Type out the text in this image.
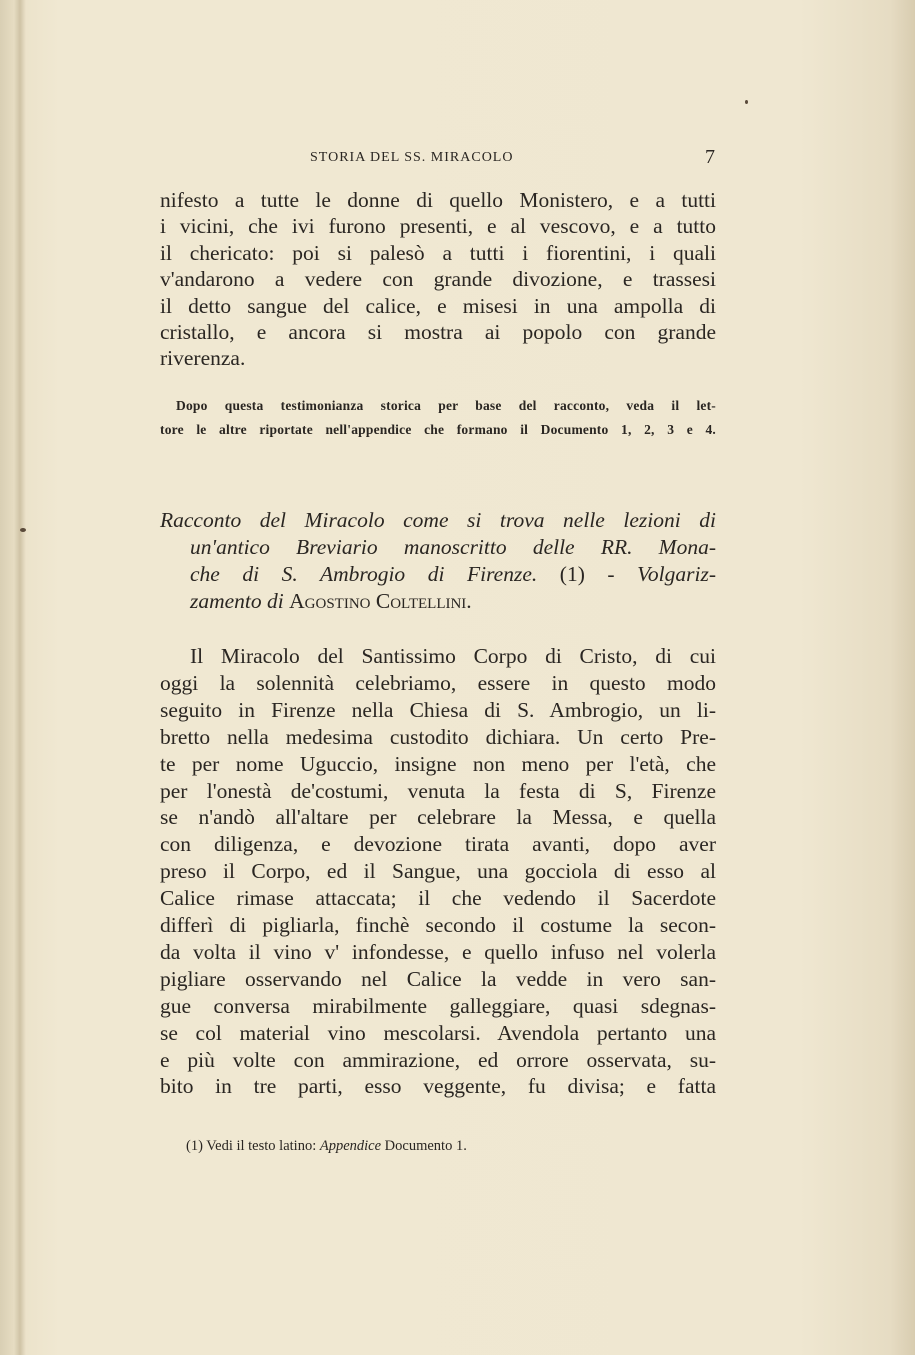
STORIA DEL SS. MIRACOLO	7
nifesto a tutte le donne di quello Monistero, e a tutti
i vicini, che ivi furono presenti, e al vescovo, e a tutto
il chericato: poi si palesò a tutti i fiorentini, i quali
v'andarono a vedere con grande divozione, e trassesi
il detto sangue del calice, e misesi in una ampolla di
cristallo, e ancora si mostra ai popolo con grande
riverenza.
Dopo questa testimonianza storica per base del racconto, veda il let-
tore le altre riportate nell'appendice che formano il Documento 1, 2, 3 e 4.
Racconto del Miracolo come si trova nelle lezioni di
un'antico Breviario manoscritto delle RR. Mona-
che di S. Ambrogio di Firenze. (1) - Volgariz-
zamento di Agostino Coltellini.
Il Miracolo del Santissimo Corpo di Cristo, di cui
oggi la solennità celebriamo, essere in questo modo
seguito in Firenze nella Chiesa di S. Ambrogio, un li-
bretto nella medesima custodito dichiara. Un certo Pre-
te per nome Uguccio, insigne non meno per l'età, che
per l'onestà de'costumi, venuta la festa di S, Firenze
se n'andò all'altare per celebrare la Messa, e quella
con diligenza, e devozione tirata avanti, dopo aver
preso il Corpo, ed il Sangue, una gocciola di esso al
Calice rimase attaccata; il che vedendo il Sacerdote
differì di pigliarla, finchè secondo il costume la secon-
da volta il vino v' infondesse, e quello infuso nel volerla
pigliare osservando nel Calice la vedde in vero san-
gue conversa mirabilmente galleggiare, quasi sdegnas-
se col material vino mescolarsi. Avendola pertanto una
e più volte con ammirazione, ed orrore osservata, su-
bito in tre parti, esso veggente, fu divisa; e fatta
(1) Vedi il testo latino: Appendice Documento 1.
